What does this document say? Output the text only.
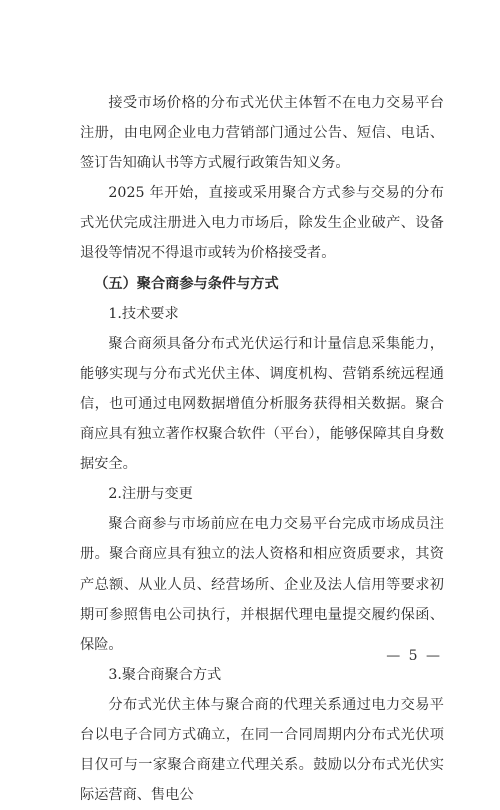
接受市场价格的分布式光伏主体暂不在电力交易平台注册，由电网企业电力营销部门通过公告、短信、电话、签订告知确认书等方式履行政策告知义务。

2025 年开始，直接或采用聚合方式参与交易的分布式光伏完成注册进入电力市场后，除发生企业破产、设备退役等情况不得退市或转为价格接受者。

（五）聚合商参与条件与方式

1.技术要求

聚合商须具备分布式光伏运行和计量信息采集能力，能够实现与分布式光伏主体、调度机构、营销系统远程通信，也可通过电网数据增值分析服务获得相关数据。聚合商应具有独立著作权聚合软件（平台），能够保障其自身数据安全。

2.注册与变更

聚合商参与市场前应在电力交易平台完成市场成员注册。聚合商应具有独立的法人资格和相应资质要求，其资产总额、从业人员、经营场所、企业及法人信用等要求初期可参照售电公司执行，并根据代理电量提交履约保函、保险。

3.聚合商聚合方式

分布式光伏主体与聚合商的代理关系通过电力交易平台以电子合同方式确立，在同一合同周期内分布式光伏项目仅可与一家聚合商建立代理关系。鼓励以分布式光伏实际运营商、售电公

— 5 —
